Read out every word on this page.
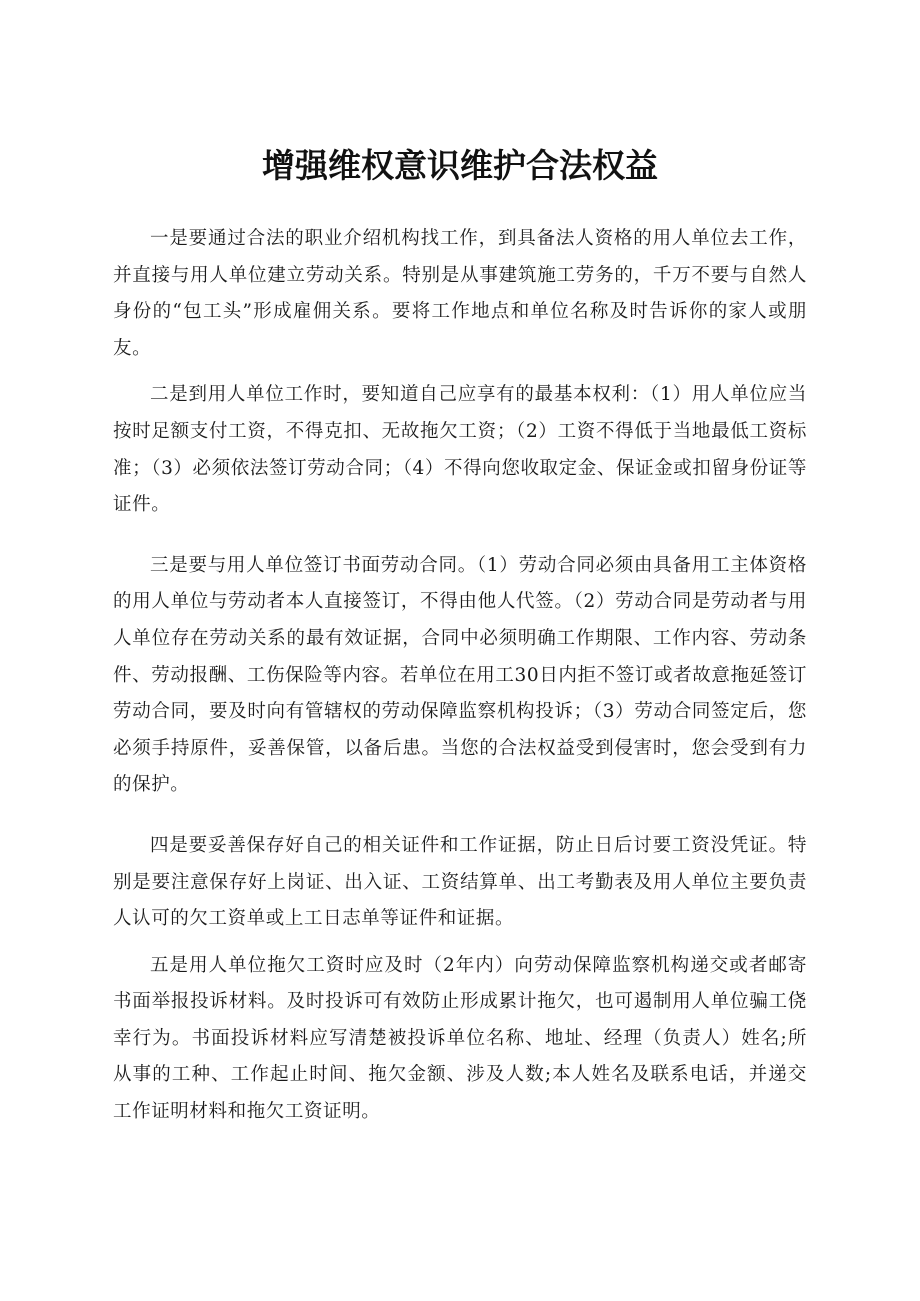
增强维权意识维护合法权益

一是要通过合法的职业介绍机构找工作，到具备法人资格的用人单位去工作，并直接与用人单位建立劳动关系。特别是从事建筑施工劳务的，千万不要与自然人身份的“包工头”形成雇佣关系。要将工作地点和单位名称及时告诉你的家人或朋友。

二是到用人单位工作时，要知道自己应享有的最基本权利：（1）用人单位应当按时足额支付工资，不得克扣、无故拖欠工资；（2）工资不得低于当地最低工资标准；（3）必须依法签订劳动合同；（4）不得向您收取定金、保证金或扣留身份证等证件。

三是要与用人单位签订书面劳动合同。（1）劳动合同必须由具备用工主体资格的用人单位与劳动者本人直接签订，不得由他人代签。（2）劳动合同是劳动者与用人单位存在劳动关系的最有效证据，合同中必须明确工作期限、工作内容、劳动条件、劳动报酬、工伤保险等内容。若单位在用工30日内拒不签订或者故意拖延签订劳动合同，要及时向有管辖权的劳动保障监察机构投诉；（3）劳动合同签定后，您必须手持原件，妥善保管，以备后患。当您的合法权益受到侵害时，您会受到有力的保护。

四是要妥善保存好自己的相关证件和工作证据，防止日后讨要工资没凭证。特别是要注意保存好上岗证、出入证、工资结算单、出工考勤表及用人单位主要负责人认可的欠工资单或上工日志单等证件和证据。

五是用人单位拖欠工资时应及时（2年内）向劳动保障监察机构递交或者邮寄书面举报投诉材料。及时投诉可有效防止形成累计拖欠，也可遏制用人单位骗工侥幸行为。书面投诉材料应写清楚被投诉单位名称、地址、经理（负责人）姓名;所从事的工种、工作起止时间、拖欠金额、涉及人数;本人姓名及联系电话，并递交工作证明材料和拖欠工资证明。
